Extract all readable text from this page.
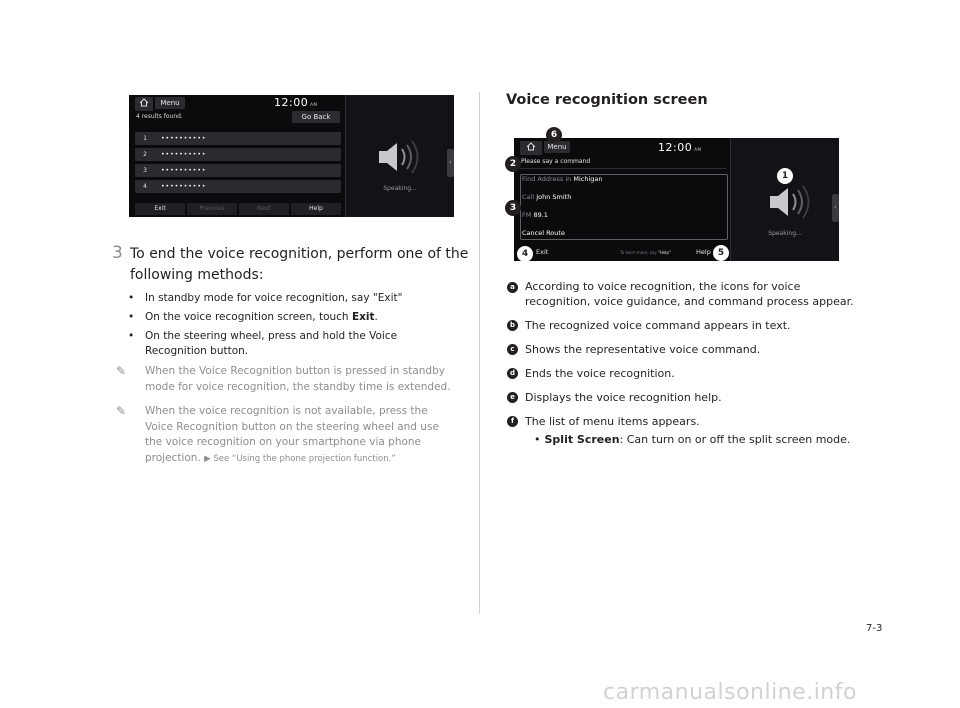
Menu	12:00 AM
4 results found.	Go Back
1	••••••••••
2	••••••••••
3	••••••••••
4	••••••••••
Exit	Previous	Next	Help
Speaking...
‹
3 To end the voice recognition, perform one of the following methods:
• In standby mode for voice recognition, say "Exit"
• On the voice recognition screen, touch Exit.
• On the steering wheel, press and hold the Voice Recognition button.
✎ When the Voice Recognition button is pressed in standby mode for voice recognition, the standby time is extended.
✎ When the voice recognition is not available, press the Voice Recognition button on the steering wheel and use the voice recognition on your smartphone via phone projection. ▶ See “Using the phone projection function.”
Voice recognition screen
Menu	12:00 AM
Please say a command
Find Address in Michigan
Call John Smith
FM 89.1
Cancel Route
Exit	To learn more, say "Help"	Help
Speaking...
‹
6
2
1
3
4	5
a According to voice recognition, the icons for voice recognition, voice guidance, and command process appear.
b The recognized voice command appears in text.
c Shows the representative voice command.
d Ends the voice recognition.
e Displays the voice recognition help.
f The list of menu items appears.
• Split Screen: Can turn on or off the split screen mode.
7-3
carmanualsonline.info
